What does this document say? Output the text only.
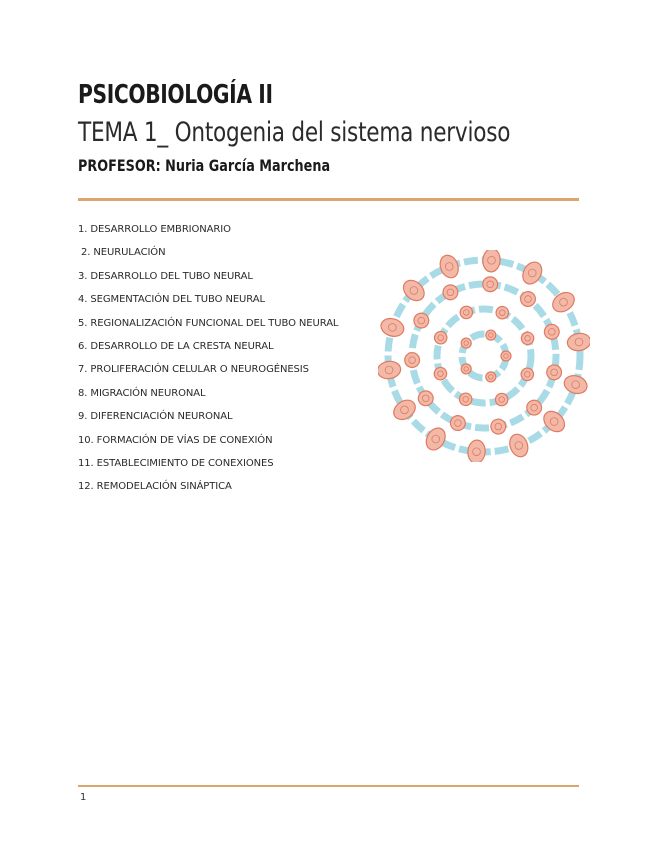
PSICOBIOLOGÍA II
TEMA 1_ Ontogenia del sistema nervioso
PROFESOR: Nuria García Marchena
1. DESARROLLO EMBRIONARIO
2. NEURULACIÓN
3. DESARROLLO DEL TUBO NEURAL
4. SEGMENTACIÓN DEL TUBO NEURAL
5. REGIONALIZACIÓN FUNCIONAL DEL TUBO NEURAL
6. DESARROLLO DE LA CRESTA NEURAL
7. PROLIFERACIÓN CELULAR O NEUROGÉNESIS
8. MIGRACIÓN NEURONAL
9. DIFERENCIACIÓN NEURONAL
10. FORMACIÓN DE VÍAS DE CONEXIÓN
11. ESTABLECIMIENTO DE CONEXIONES
12. REMODELACIÓN SINÁPTICA
1
